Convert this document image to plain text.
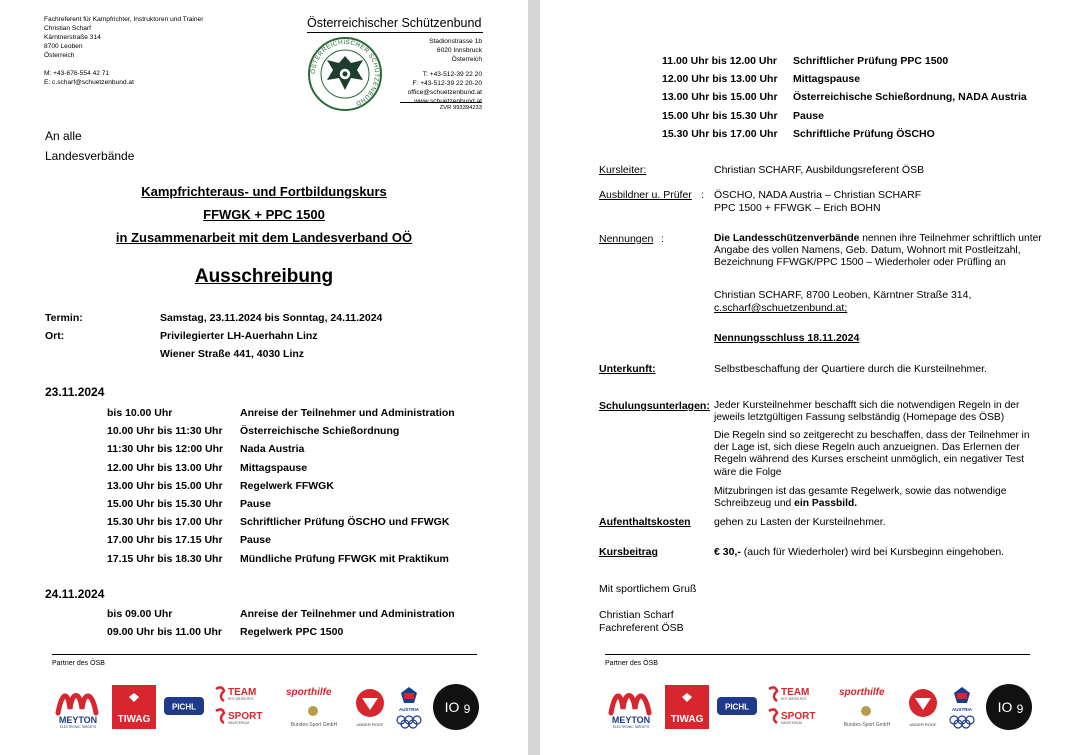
Fachreferent für Kampfrichter, Instruktoren und Trainer
Christian Scharf
Kärntnerstraße 314
8700 Leoben
Österreich
M: +43-676-554 42 71
E: c.scharf@schuetzenbund.at
Österreichischer Schützenbund
ÖSTERREICHISCHER SCHÜTZENBUND
Stadionstrasse 1b
6020 Innsbruck
Österreich
T: +43-512-39 22 20
F: +43-512-39 22 20-20
office@schuetzenbund.at
ZVR 993394233
An alle
Landesverbände
Kampfrichteraus- und Fortbildungskurs
FFWGK + PPC 1500
in Zusammenarbeit mit dem Landesverband OÖ
Ausschreibung
Termin:	Samstag, 23.11.2024 bis Sonntag, 24.11.2024
Ort:	Privilegierter LH-Auerhahn Linz
Wiener Straße 441, 4030 Linz
23.11.2024
bis 10.00 Uhr	Anreise der Teilnehmer und Administration
10.00 Uhr bis 11:30 Uhr Österreichische Schießordnung
11:30 Uhr bis 12:00 Uhr Nada Austria
12.00 Uhr bis 13.00 Uhr Mittagspause
13.00 Uhr bis 15.00 Uhr Regelwerk FFWGK
15.00 Uhr bis 15.30 Uhr Pause
15.30 Uhr bis 17.00 Uhr Schriftlicher Prüfung ÖSCHO und FFWGK
17.00 Uhr bis 17.15 Uhr Pause
17.15 Uhr bis 18.30 Uhr Mündliche Prüfung FFWGK mit Praktikum
24.11.2024
bis 09.00 Uhr	Anreise der Teilnehmer und Administration
09.00 Uhr bis 11.00 Uhr Regelwerk PPC 1500
Partner des ÖSB
MEYTON
ELECTRONIC TARGETS
TIWAG
PICHL
TEAM
ROT-WEISS-ROT
SPORT
MINISTERIUM
sporthilfe
Bundes-Sport GmbH	UNDER ROOF
AUSTRIA IO 9
11.00 Uhr bis 12.00 Uhr Schriftlicher Prüfung PPC 1500
12.00 Uhr bis 13.00 Uhr Mittagspause
13.00 Uhr bis 15.00 Uhr Österreichische Schießordnung, NADA Austria
15.00 Uhr bis 15.30 Uhr Pause
15.30 Uhr bis 17.00 Uhr Schriftliche Prüfung ÖSCHO
Kursleiter:	Christian SCHARF, Ausbildungsreferent ÖSB
Ausbildner u. Prüfer : ÖSCHO, NADA Austria – Christian SCHARF
PPC 1500 + FFWGK – Erich BOHN
Nennungen :	Die Landesschützenverbände nennen ihre Teilnehmer schriftlich unter Angabe des vollen Namens, Geb. Datum, Wohnort mit Postleitzahl, Bezeichnung FFWGK/PPC 1500 – Wiederholer oder Prüfling an
Christian SCHARF, 8700 Leoben, Kärntner Straße 314,
c.scharf@schuetzenbund.at;
Nennungsschluss 18.11.2024
Unterkunft:	Selbstbeschaffung der Quartiere durch die Kursteilnehmer.
Schulungsunterlagen: Jeder Kursteilnehmer beschafft sich die notwendigen Regeln in der jeweils letztgültigen Fassung selbständig (Homepage des ÖSB)
Die Regeln sind so zeitgerecht zu beschaffen, dass der Teilnehmer in der Lage ist, sich diese Regeln auch anzueignen. Das Erlernen der Regeln während des Kurses erscheint unmöglich, ein negativer Test wäre die Folge
Mitzubringen ist das gesamte Regelwerk, sowie das notwendige Schreibzeug und ein Passbild.
Aufenthaltskosten gehen zu Lasten der Kursteilnehmer.
Kursbeitrag	€ 30,- (auch für Wiederholer) wird bei Kursbeginn eingehoben.
Mit sportlichem Gruß
Christian Scharf
Fachreferent ÖSB
Partner des ÖSB
MEYTON
ELECTRONIC TARGETS
TIWAG
PICHL
TEAM
ROT-WEISS-ROT
SPORT
MINISTERIUM
sporthilfe
Bundes-Sport GmbH	UNDER ROOF
AUSTRIA IO 9
